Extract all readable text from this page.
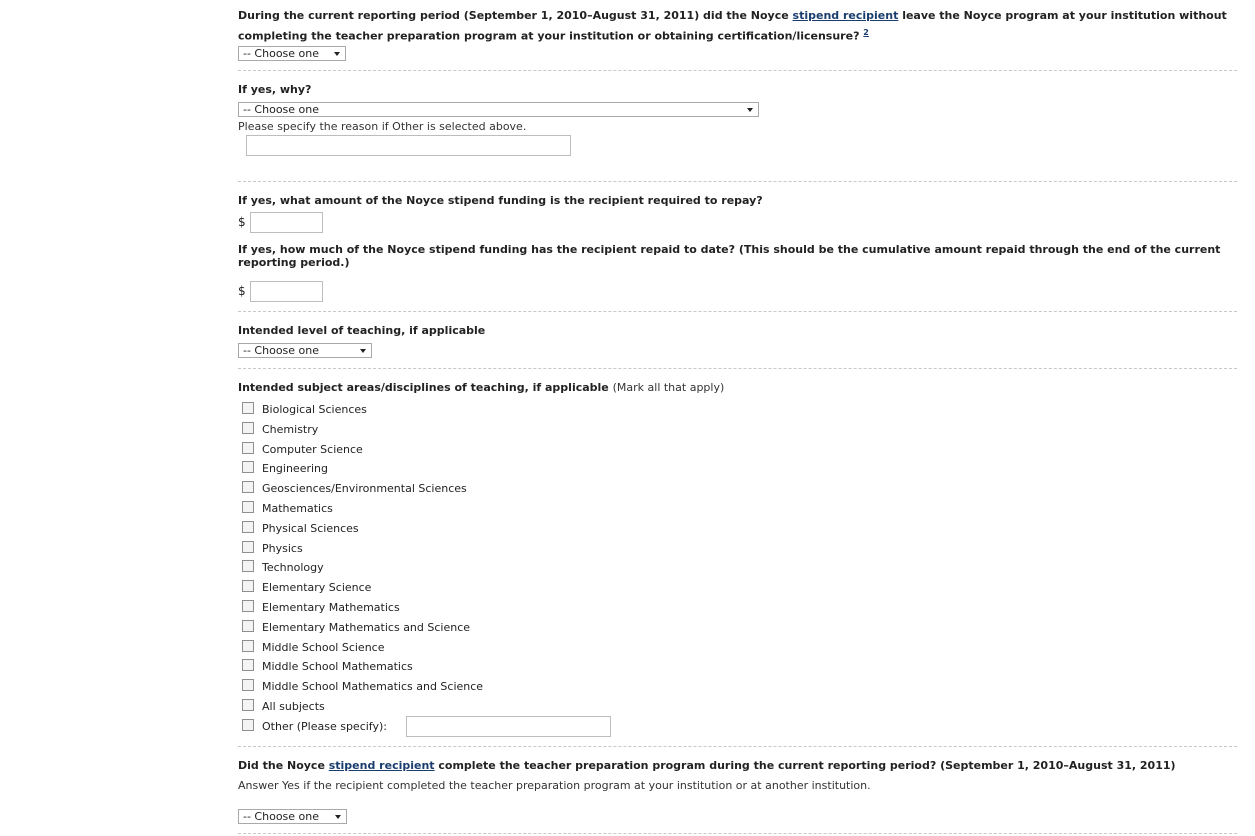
During the current reporting period (September 1, 2010–August 31, 2011) did the Noyce stipend recipient leave the Noyce program at your institution without completing the teacher preparation program at your institution or obtaining certification/licensure? $^2$
-- Choose one
If yes, why?
-- Choose one
Please specify the reason if Other is selected above.
If yes, what amount of the Noyce stipend funding is the recipient required to repay?
$
If yes, how much of the Noyce stipend funding has the recipient repaid to date? (This should be the cumulative amount repaid through the end of the current reporting period.)
$
Intended level of teaching, if applicable
-- Choose one
Intended subject areas/disciplines of teaching, if applicable (Mark all that apply)
Biological Sciences
Chemistry
Computer Science
Engineering
Geosciences/Environmental Sciences
Mathematics
Physical Sciences
Physics
Technology
Elementary Science
Elementary Mathematics
Elementary Mathematics and Science
Middle School Science
Middle School Mathematics
Middle School Mathematics and Science
All subjects
Other (Please specify):
Did the Noyce stipend recipient complete the teacher preparation program during the current reporting period? (September 1, 2010–August 31, 2011)
Answer Yes if the recipient completed the teacher preparation program at your institution or at another institution.
-- Choose one
